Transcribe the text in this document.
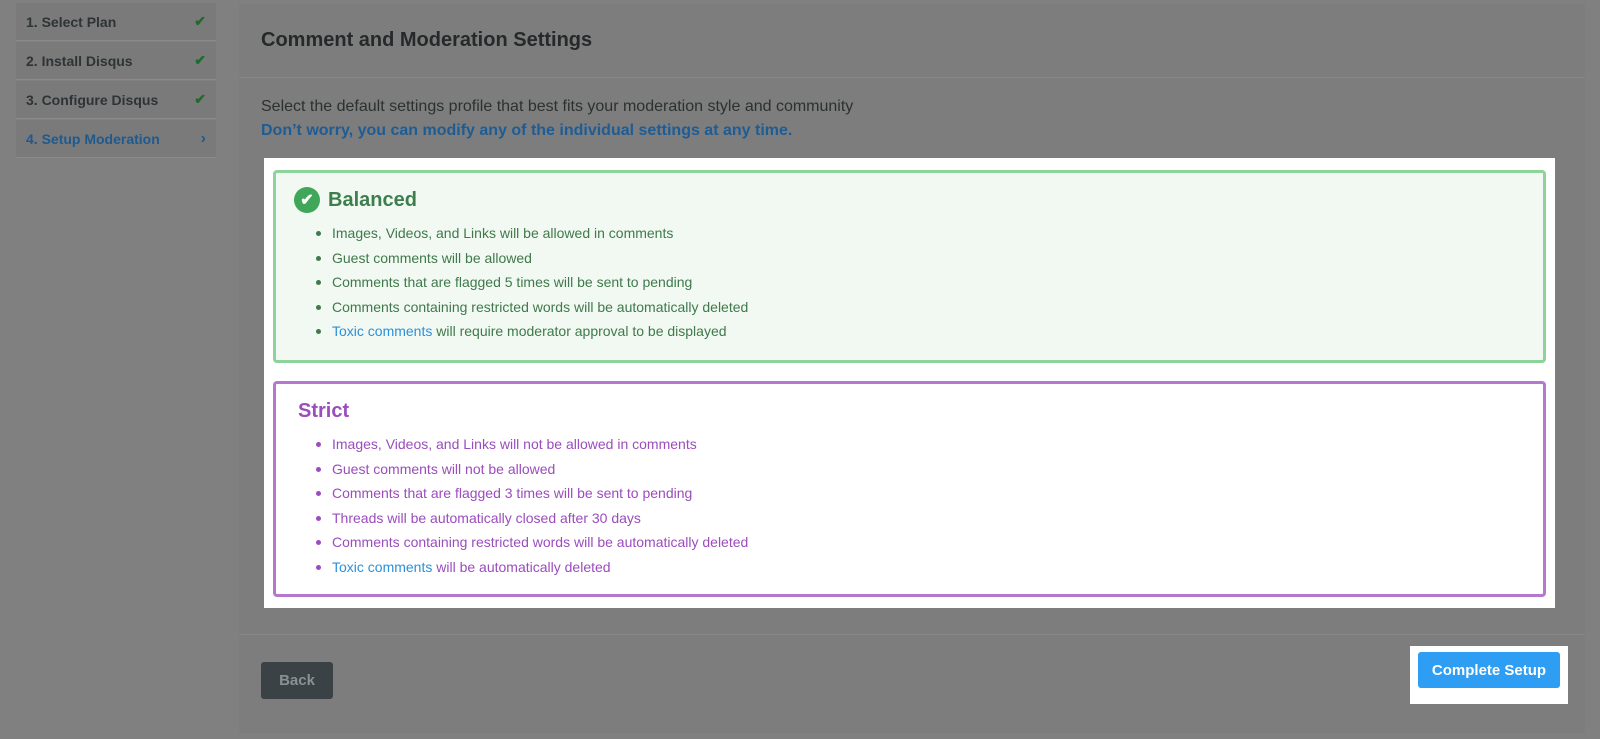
1. Select Plan	✔
2. Install Disqus	✔
3. Configure Disqus	✔
4. Setup Moderation	›
Comment and Moderation Settings

Select the default settings profile that best fits your moderation style and community

Don’t worry, you can modify any of the individual settings at any time.

✔ Balanced
Images, Videos, and Links will be allowed in comments
Guest comments will be allowed
Comments that are flagged 5 times will be sent to pending
Comments containing restricted words will be automatically deleted
Toxic comments will require moderator approval to be displayed
Strict
Images, Videos, and Links will not be allowed in comments
Guest comments will not be allowed
Comments that are flagged 3 times will be sent to pending
Threads will be automatically closed after 30 days
Comments containing restricted words will be automatically deleted
Toxic comments will be automatically deleted
Back
Complete Setup
